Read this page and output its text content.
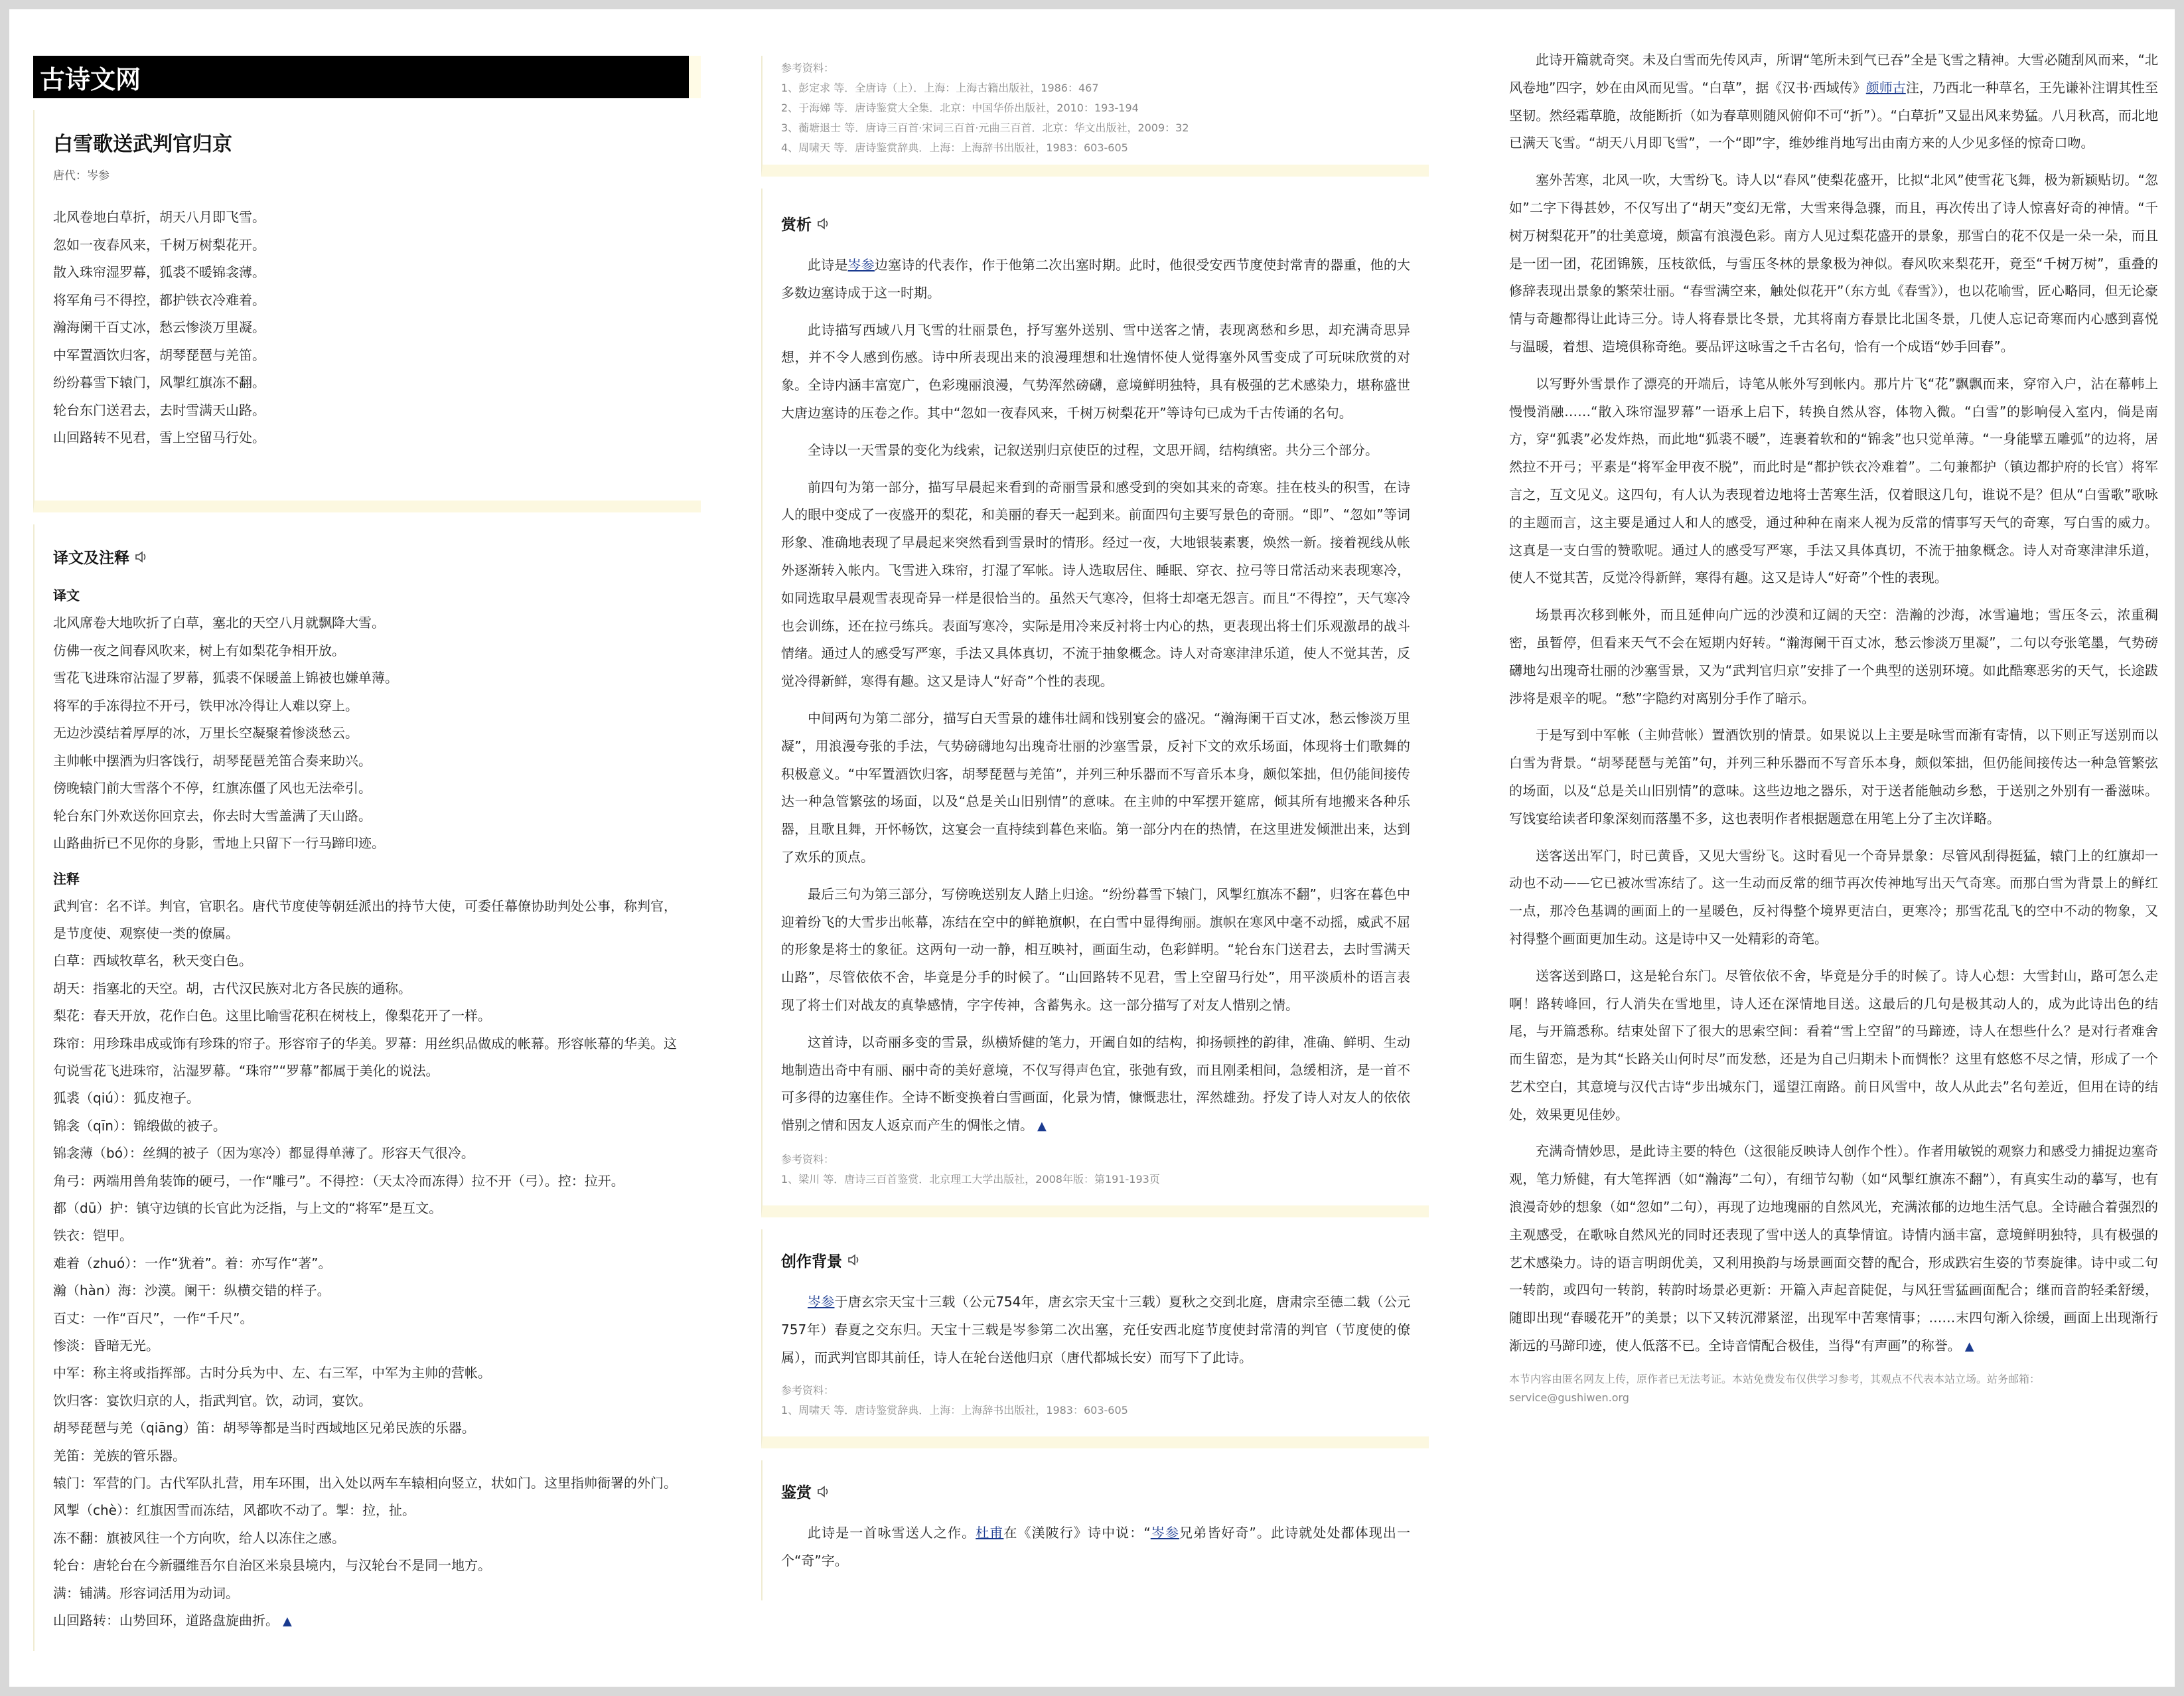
古诗文网
白雪歌送武判官归京
唐代：岑参
北风卷地白草折，胡天八月即飞雪。
忽如一夜春风来，千树万树梨花开。
散入珠帘湿罗幕，狐裘不暖锦衾薄。
将军角弓不得控，都护铁衣冷难着。
瀚海阑干百丈冰，愁云惨淡万里凝。
中军置酒饮归客，胡琴琵琶与羌笛。
纷纷暮雪下辕门，风掣红旗冻不翻。
轮台东门送君去，去时雪满天山路。
山回路转不见君，雪上空留马行处。
译文及注释
译文
北风席卷大地吹折了白草，塞北的天空八月就飘降大雪。
仿佛一夜之间春风吹来，树上有如梨花争相开放。
雪花飞进珠帘沾湿了罗幕，狐裘不保暖盖上锦被也嫌单薄。
将军的手冻得拉不开弓，铁甲冰冷得让人难以穿上。
无边沙漠结着厚厚的冰，万里长空凝聚着惨淡愁云。
主帅帐中摆酒为归客饯行，胡琴琵琶羌笛合奏来助兴。
傍晚辕门前大雪落个不停，红旗冻僵了风也无法牵引。
轮台东门外欢送你回京去，你去时大雪盖满了天山路。
山路曲折已不见你的身影，雪地上只留下一行马蹄印迹。
注释

武判官：名不详。判官，官职名。唐代节度使等朝廷派出的持节大使，可委任幕僚协助判处公事，称判官，是节度使、观察使一类的僚属。

白草：西域牧草名，秋天变白色。

胡天：指塞北的天空。胡，古代汉民族对北方各民族的通称。

梨花：春天开放，花作白色。这里比喻雪花积在树枝上，像梨花开了一样。

珠帘：用珍珠串成或饰有珍珠的帘子。形容帘子的华美。罗幕：用丝织品做成的帐幕。形容帐幕的华美。这句说雪花飞进珠帘，沾湿罗幕。“珠帘”“罗幕”都属于美化的说法。

狐裘（qiú）：狐皮袍子。

锦衾（qīn）：锦缎做的被子。

锦衾薄（bó）：丝绸的被子（因为寒冷）都显得单薄了。形容天气很冷。

角弓：两端用兽角装饰的硬弓，一作“雕弓”。不得控：（天太冷而冻得）拉不开（弓）。控：拉开。

都（dū）护：镇守边镇的长官此为泛指，与上文的“将军”是互文。

铁衣：铠甲。

难着（zhuó）：一作“犹着”。着：亦写作“著”。

瀚（hàn）海：沙漠。阑干：纵横交错的样子。

百丈：一作“百尺”，一作“千尺”。

惨淡：昏暗无光。

中军：称主将或指挥部。古时分兵为中、左、右三军，中军为主帅的营帐。

饮归客：宴饮归京的人，指武判官。饮，动词，宴饮。

胡琴琵琶与羌（qiāng）笛：胡琴等都是当时西域地区兄弟民族的乐器。

羌笛：羌族的管乐器。

辕门：军营的门。古代军队扎营，用车环围，出入处以两车车辕相向竖立，状如门。这里指帅衙署的外门。

风掣（chè）：红旗因雪而冻结，风都吹不动了。掣：拉，扯。

冻不翻：旗被风往一个方向吹，给人以冻住之感。

轮台：唐轮台在今新疆维吾尔自治区米泉县境内，与汉轮台不是同一地方。

满：铺满。形容词活用为动词。

山回路转：山势回环，道路盘旋曲折。 ▲

参考资料：
1、彭定求 等．全唐诗（上）．上海：上海古籍出版社，1986：467
2、于海娣 等．唐诗鉴赏大全集．北京：中国华侨出版社，2010：193-194
3、蘅塘退士 等．唐诗三百首·宋词三百首·元曲三百首．北京：华文出版社，2009：32
4、周啸天 等．唐诗鉴赏辞典．上海：上海辞书出版社，1983：603-605
赏析

此诗是岑参边塞诗的代表作，作于他第二次出塞时期。此时，他很受安西节度使封常青的器重，他的大多数边塞诗成于这一时期。

此诗描写西域八月飞雪的壮丽景色，抒写塞外送别、雪中送客之情，表现离愁和乡思，却充满奇思异想，并不令人感到伤感。诗中所表现出来的浪漫理想和壮逸情怀使人觉得塞外风雪变成了可玩味欣赏的对象。全诗内涵丰富宽广，色彩瑰丽浪漫，气势浑然磅礴，意境鲜明独特，具有极强的艺术感染力，堪称盛世大唐边塞诗的压卷之作。其中“忽如一夜春风来，千树万树梨花开”等诗句已成为千古传诵的名句。

全诗以一天雪景的变化为线索，记叙送别归京使臣的过程，文思开阔，结构缜密。共分三个部分。

前四句为第一部分，描写早晨起来看到的奇丽雪景和感受到的突如其来的奇寒。挂在枝头的积雪，在诗人的眼中变成了一夜盛开的梨花，和美丽的春天一起到来。前面四句主要写景色的奇丽。“即”、“忽如”等词形象、准确地表现了早晨起来突然看到雪景时的情形。经过一夜，大地银装素裹，焕然一新。接着视线从帐外逐渐转入帐内。飞雪进入珠帘，打湿了军帐。诗人选取居住、睡眠、穿衣、拉弓等日常活动来表现寒冷，如同选取早晨观雪表现奇异一样是很恰当的。虽然天气寒冷，但将士却毫无怨言。而且“不得控”，天气寒冷也会训练，还在拉弓练兵。表面写寒冷，实际是用冷来反衬将士内心的热，更表现出将士们乐观激昂的战斗情绪。通过人的感受写严寒，手法又具体真切，不流于抽象概念。诗人对奇寒津津乐道，使人不觉其苦，反觉冷得新鲜，寒得有趣。这又是诗人“好奇”个性的表现。

中间两句为第二部分，描写白天雪景的雄伟壮阔和饯别宴会的盛况。“瀚海阑干百丈冰，愁云惨淡万里凝”，用浪漫夸张的手法，气势磅礴地勾出瑰奇壮丽的沙塞雪景，反衬下文的欢乐场面，体现将士们歌舞的积极意义。“中军置酒饮归客，胡琴琵琶与羌笛”，并列三种乐器而不写音乐本身，颇似笨拙，但仍能间接传达一种急管繁弦的场面，以及“总是关山旧别情”的意味。在主帅的中军摆开筵席，倾其所有地搬来各种乐器，且歌且舞，开怀畅饮，这宴会一直持续到暮色来临。第一部分内在的热情，在这里进发倾泄出来，达到了欢乐的顶点。

最后三句为第三部分，写傍晚送别友人踏上归途。“纷纷暮雪下辕门，风掣红旗冻不翻”，归客在暮色中迎着纷飞的大雪步出帐幕，冻结在空中的鲜艳旗帜，在白雪中显得绚丽。旗帜在寒风中毫不动摇，威武不屈的形象是将士的象征。这两句一动一静，相互映衬，画面生动，色彩鲜明。“轮台东门送君去，去时雪满天山路”，尽管依依不舍，毕竟是分手的时候了。“山回路转不见君，雪上空留马行处”，用平淡质朴的语言表现了将士们对战友的真挚感情，字字传神，含蓄隽永。这一部分描写了对友人惜别之情。

这首诗，以奇丽多变的雪景，纵横矫健的笔力，开阖自如的结构，抑扬顿挫的韵律，准确、鲜明、生动地制造出奇中有丽、丽中奇的美好意境，不仅写得声色宜，张弛有致，而且刚柔相间，急缓相济，是一首不可多得的边塞佳作。全诗不断变换着白雪画面，化景为情，慷慨悲壮，浑然雄劲。抒发了诗人对友人的依依惜别之情和因友人返京而产生的惆怅之情。 ▲

参考资料：
1、梁川 等．唐诗三百首鉴赏．北京理工大学出版社，2008年版：第191-193页
创作背景

岑参于唐玄宗天宝十三载（公元754年，唐玄宗天宝十三载）夏秋之交到北庭，唐肃宗至德二载（公元757年）春夏之交东归。天宝十三载是岑参第二次出塞，充任安西北庭节度使封常清的判官（节度使的僚属），而武判官即其前任，诗人在轮台送他归京（唐代都城长安）而写下了此诗。

参考资料：
1、周啸天 等．唐诗鉴赏辞典．上海：上海辞书出版社，1983：603-605
鉴赏

此诗是一首咏雪送人之作。杜甫在《渼陂行》诗中说：“岑参兄弟皆好奇”。此诗就处处都体现出一个“奇”字。

此诗开篇就奇突。未及白雪而先传风声，所谓“笔所未到气已吞”全是飞雪之精神。大雪必随刮风而来，“北风卷地”四字，妙在由风而见雪。“白草”，据《汉书·西域传》颜师古注，乃西北一种草名，王先谦补注谓其性至坚韧。然经霜草脆，故能断折（如为春草则随风俯仰不可“折”）。“白草折”又显出风来势猛。八月秋高，而北地已满天飞雪。“胡天八月即飞雪”，一个“即”字，维妙维肖地写出由南方来的人少见多怪的惊奇口吻。

塞外苦寒，北风一吹，大雪纷飞。诗人以“春风”使梨花盛开，比拟“北风”使雪花飞舞，极为新颖贴切。“忽如”二字下得甚妙，不仅写出了“胡天”变幻无常，大雪来得急骤，而且，再次传出了诗人惊喜好奇的神情。“千树万树梨花开”的壮美意境，颇富有浪漫色彩。南方人见过梨花盛开的景象，那雪白的花不仅是一朵一朵，而且是一团一团，花团锦簇，压枝欲低，与雪压冬林的景象极为神似。春风吹来梨花开，竟至“千树万树”，重叠的修辞表现出景象的繁荣壮丽。“春雪满空来，触处似花开”（东方虬《春雪》），也以花喻雪，匠心略同，但无论豪情与奇趣都得让此诗三分。诗人将春景比冬景，尤其将南方春景比北国冬景，几使人忘记奇寒而内心感到喜悦与温暖，着想、造境俱称奇绝。要品评这咏雪之千古名句，恰有一个成语“妙手回春”。

以写野外雪景作了漂亮的开端后，诗笔从帐外写到帐内。那片片飞“花”飘飘而来，穿帘入户，沾在幕帏上慢慢消融……“散入珠帘湿罗幕”一语承上启下，转换自然从容，体物入微。“白雪”的影响侵入室内，倘是南方，穿“狐裘”必发炸热，而此地“狐裘不暖”，连裹着软和的“锦衾”也只觉单薄。“一身能擘五雕弧”的边将，居然拉不开弓；平素是“将军金甲夜不脱”，而此时是“都护铁衣冷难着”。二句兼都护（镇边都护府的长官）将军言之，互文见义。这四句，有人认为表现着边地将士苦寒生活，仅着眼这几句，谁说不是？但从“白雪歌”歌咏的主题而言，这主要是通过人和人的感受，通过种种在南来人视为反常的情事写天气的奇寒，写白雪的威力。这真是一支白雪的赞歌呢。通过人的感受写严寒，手法又具体真切，不流于抽象概念。诗人对奇寒津津乐道，使人不觉其苦，反觉冷得新鲜，寒得有趣。这又是诗人“好奇”个性的表现。

场景再次移到帐外，而且延伸向广远的沙漠和辽阔的天空：浩瀚的沙海，冰雪遍地；雪压冬云，浓重稠密，虽暂停，但看来天气不会在短期内好转。“瀚海阑干百丈冰，愁云惨淡万里凝”，二句以夸张笔墨，气势磅礴地勾出瑰奇壮丽的沙塞雪景，又为“武判官归京”安排了一个典型的送别环境。如此酷寒恶劣的天气，长途跋涉将是艰辛的呢。“愁”字隐约对离别分手作了暗示。

于是写到中军帐（主帅营帐）置酒饮别的情景。如果说以上主要是咏雪而渐有寄情，以下则正写送别而以白雪为背景。“胡琴琵琶与羌笛”句，并列三种乐器而不写音乐本身，颇似笨拙，但仍能间接传达一种急管繁弦的场面，以及“总是关山旧别情”的意味。这些边地之器乐，对于送者能触动乡愁，于送别之外别有一番滋味。写饯宴给读者印象深刻而落墨不多，这也表明作者根据题意在用笔上分了主次详略。

送客送出军门，时已黄昏，又见大雪纷飞。这时看见一个奇异景象：尽管风刮得挺猛，辕门上的红旗却一动也不动——它已被冰雪冻结了。这一生动而反常的细节再次传神地写出天气奇寒。而那白雪为背景上的鲜红一点，那冷色基调的画面上的一星暖色，反衬得整个境界更洁白，更寒冷；那雪花乱飞的空中不动的物象，又衬得整个画面更加生动。这是诗中又一处精彩的奇笔。

送客送到路口，这是轮台东门。尽管依依不舍，毕竟是分手的时候了。诗人心想：大雪封山，路可怎么走啊！路转峰回，行人消失在雪地里，诗人还在深情地目送。这最后的几句是极其动人的，成为此诗出色的结尾，与开篇悉称。结束处留下了很大的思索空间：看着“雪上空留”的马蹄迹，诗人在想些什么？是对行者难舍而生留恋，是为其“长路关山何时尽”而发愁，还是为自己归期未卜而惆怅？这里有悠悠不尽之情，形成了一个艺术空白，其意境与汉代古诗“步出城东门，遥望江南路。前日风雪中，故人从此去”名句差近，但用在诗的结处，效果更见佳妙。

充满奇情妙思，是此诗主要的特色（这很能反映诗人创作个性）。作者用敏锐的观察力和感受力捕捉边塞奇观，笔力矫健，有大笔挥洒（如“瀚海”二句），有细节勾勒（如“风掣红旗冻不翻”），有真实生动的摹写，也有浪漫奇妙的想象（如“忽如”二句），再现了边地瑰丽的自然风光，充满浓郁的边地生活气息。全诗融合着强烈的主观感受，在歌咏自然风光的同时还表现了雪中送人的真挚情谊。诗情内涵丰富，意境鲜明独特，具有极强的艺术感染力。诗的语言明朗优美，又利用换韵与场景画面交替的配合，形成跌宕生姿的节奏旋律。诗中或二句一转韵，或四句一转韵，转韵时场景必更新：开篇入声起音陡促，与风狂雪猛画面配合；继而音韵轻柔舒缓，随即出现“春暖花开”的美景；以下又转沉滞紧涩，出现军中苦寒情事；……末四句渐入徐缓，画面上出现渐行渐远的马蹄印迹，使人低落不已。全诗音情配合极佳，当得“有声画”的称誉。 ▲

本节内容由匿名网友上传，原作者已无法考证。本站免费发布仅供学习参考，其观点不代表本站立场。站务邮箱：service@gushiwen.org
